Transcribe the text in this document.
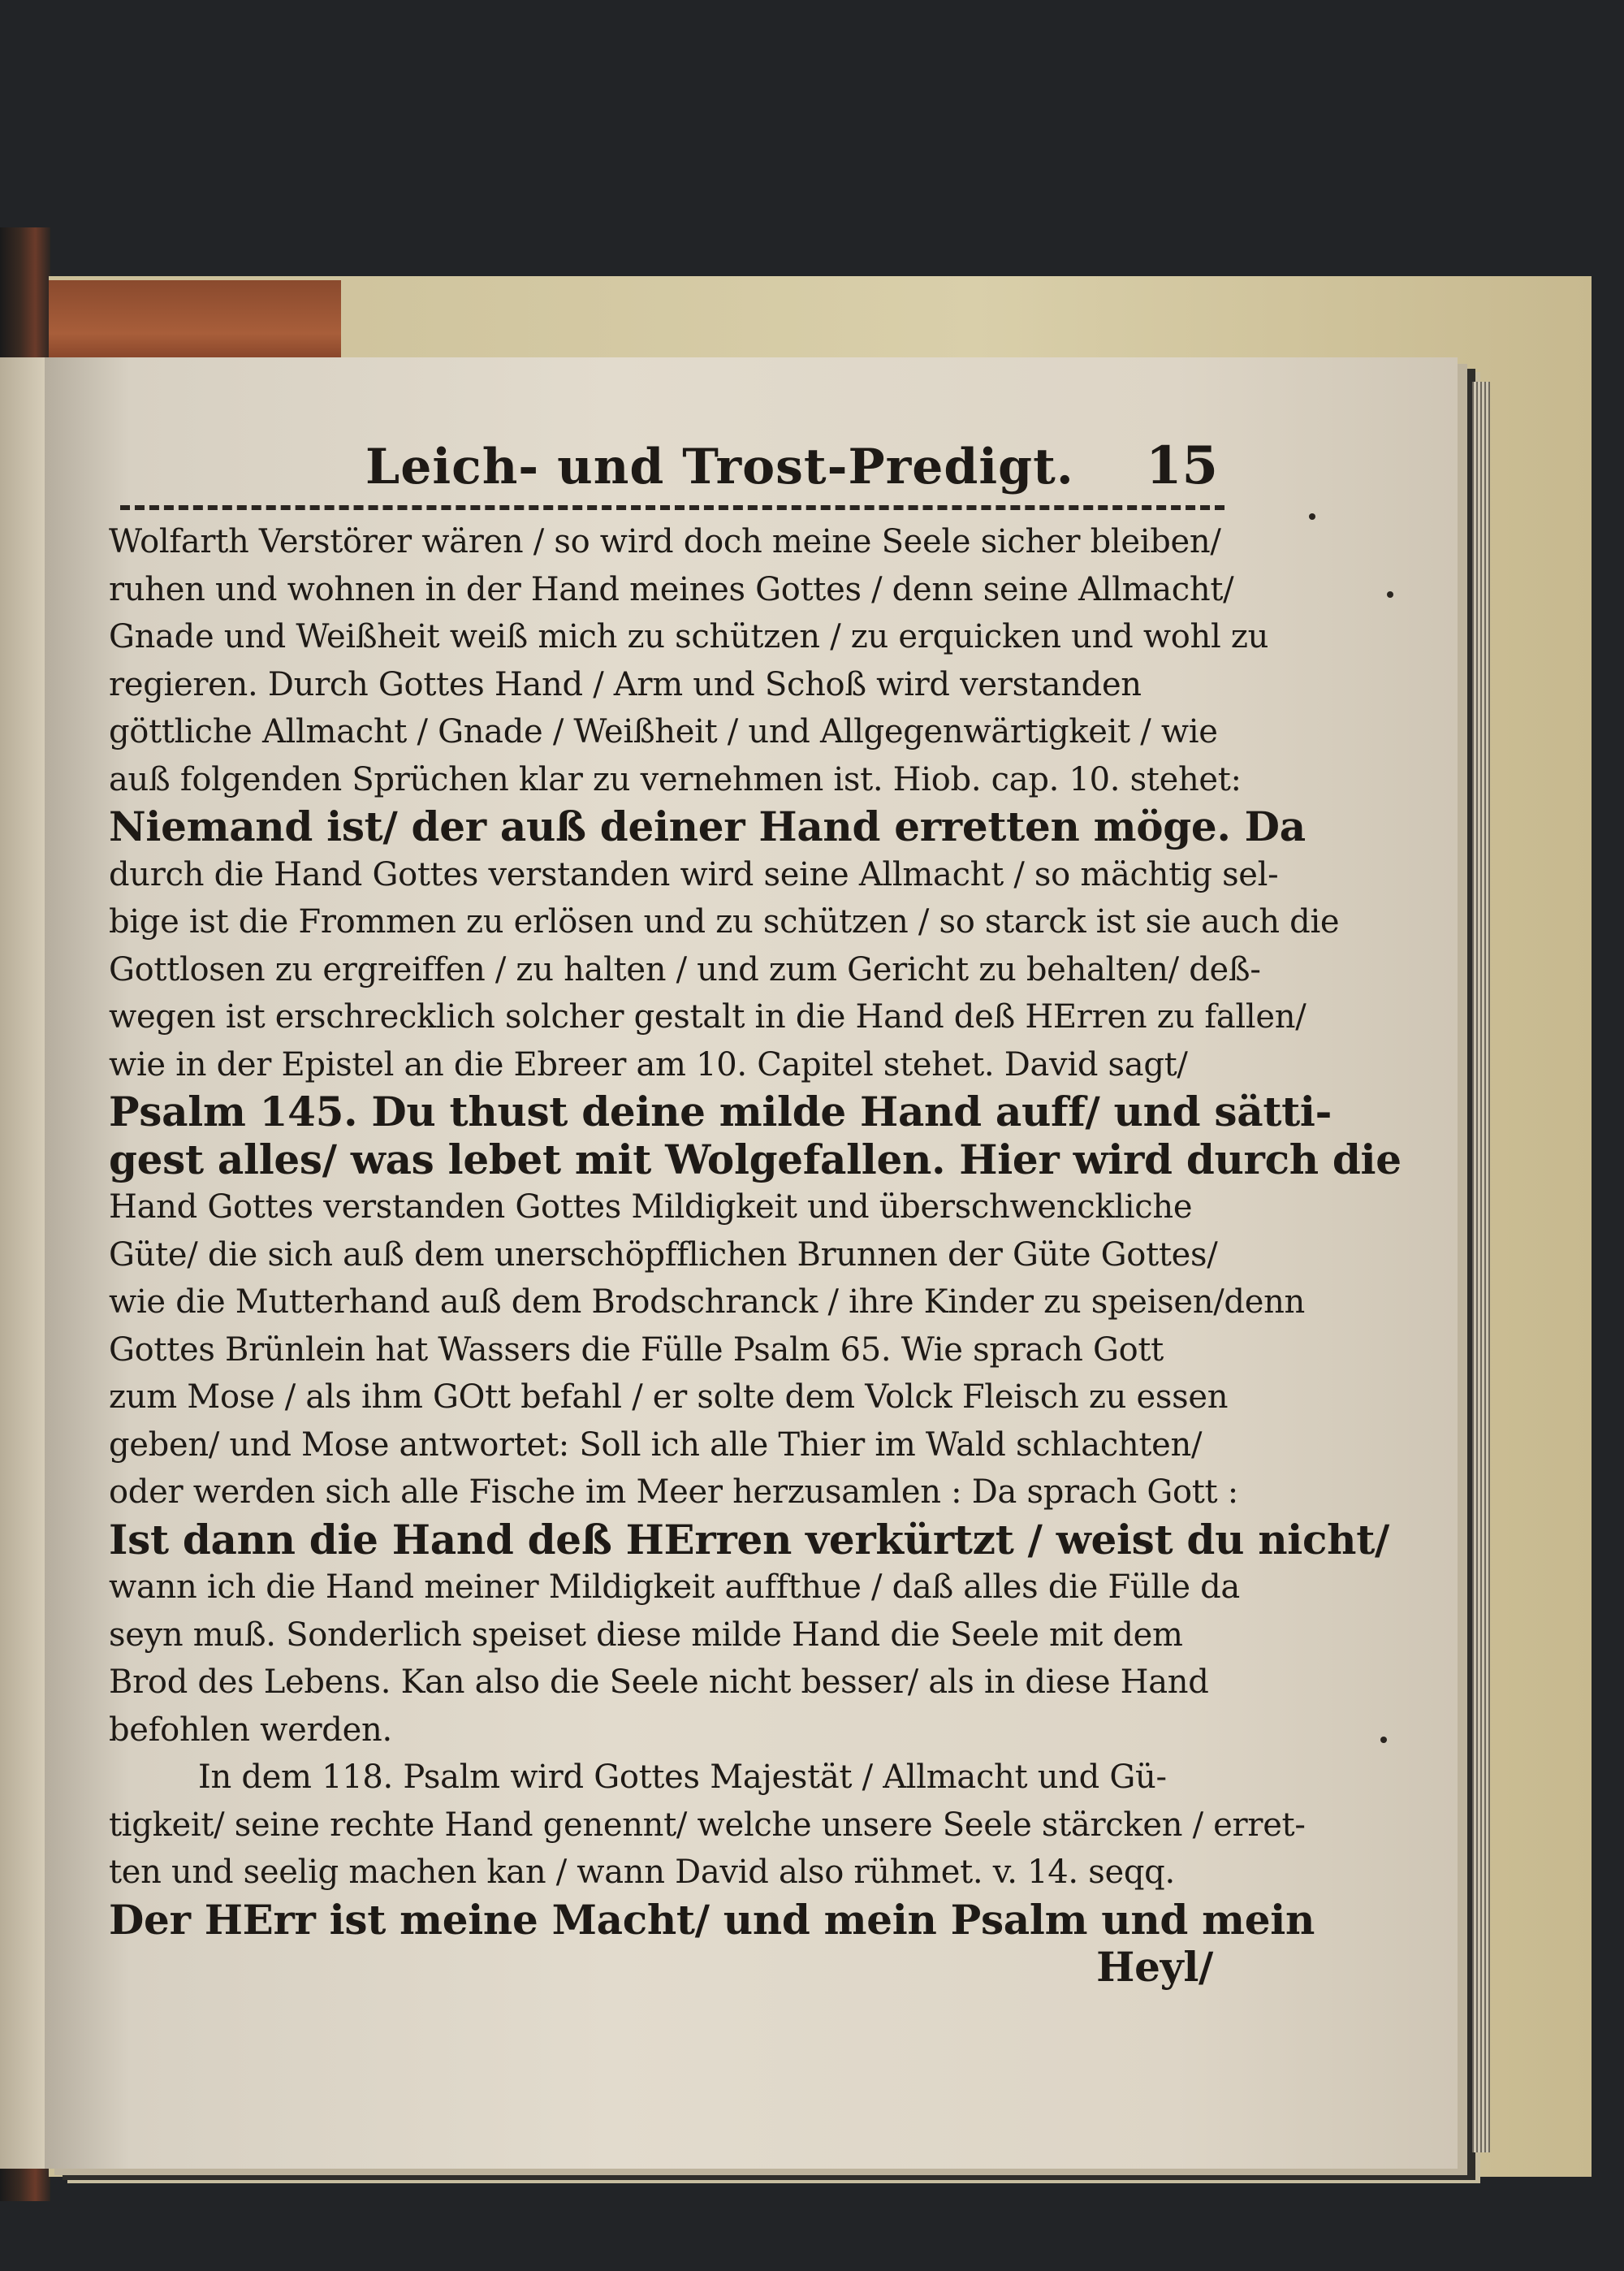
Leich- und Trost-Predigt. 15
Wolfarth Verstörer wären / so wird doch meine Seele sicher bleiben/
ruhen und wohnen in der Hand meines Gottes / denn seine Allmacht/
Gnade und Weißheit weiß mich zu schützen / zu erquicken und wohl zu
regieren. Durch Gottes Hand / Arm und Schoß wird verstanden
göttliche Allmacht / Gnade / Weißheit / und Allgegenwärtigkeit / wie
auß folgenden Sprüchen klar zu vernehmen ist. Hiob. cap. 10. stehet:
Niemand ist/ der auß deiner Hand erretten möge. Da
durch die Hand Gottes verstanden wird seine Allmacht / so mächtig sel-
bige ist die Frommen zu erlösen und zu schützen / so starck ist sie auch die
Gottlosen zu ergreiffen / zu halten / und zum Gericht zu behalten/ deß-
wegen ist erschrecklich solcher gestalt in die Hand deß HErren zu fallen/
wie in der Epistel an die Ebreer am 10. Capitel stehet. David sagt/
Psalm 145. Du thust deine milde Hand auff/ und sätti-
gest alles/ was lebet mit Wolgefallen. Hier wird durch die
Hand Gottes verstanden Gottes Mildigkeit und überschwenckliche
Güte/ die sich auß dem unerschöpfflichen Brunnen der Güte Gottes/
wie die Mutterhand auß dem Brodschranck / ihre Kinder zu speisen/denn
Gottes Brünlein hat Wassers die Fülle Psalm 65. Wie sprach Gott
zum Mose / als ihm GOtt befahl / er solte dem Volck Fleisch zu essen
geben/ und Mose antwortet: Soll ich alle Thier im Wald schlachten/
oder werden sich alle Fische im Meer herzusamlen : Da sprach Gott :
Ist dann die Hand deß HErren verkürtzt / weist du nicht/
wann ich die Hand meiner Mildigkeit auffthue / daß alles die Fülle da
seyn muß. Sonderlich speiset diese milde Hand die Seele mit dem
Brod des Lebens. Kan also die Seele nicht besser/ als in diese Hand
befohlen werden.
In dem 118. Psalm wird Gottes Majestät / Allmacht und Gü-
tigkeit/ seine rechte Hand genennt/ welche unsere Seele stärcken / erret-
ten und seelig machen kan / wann David also rühmet. v. 14. seqq.
Der HErr ist meine Macht/ und mein Psalm und mein
Heyl/
